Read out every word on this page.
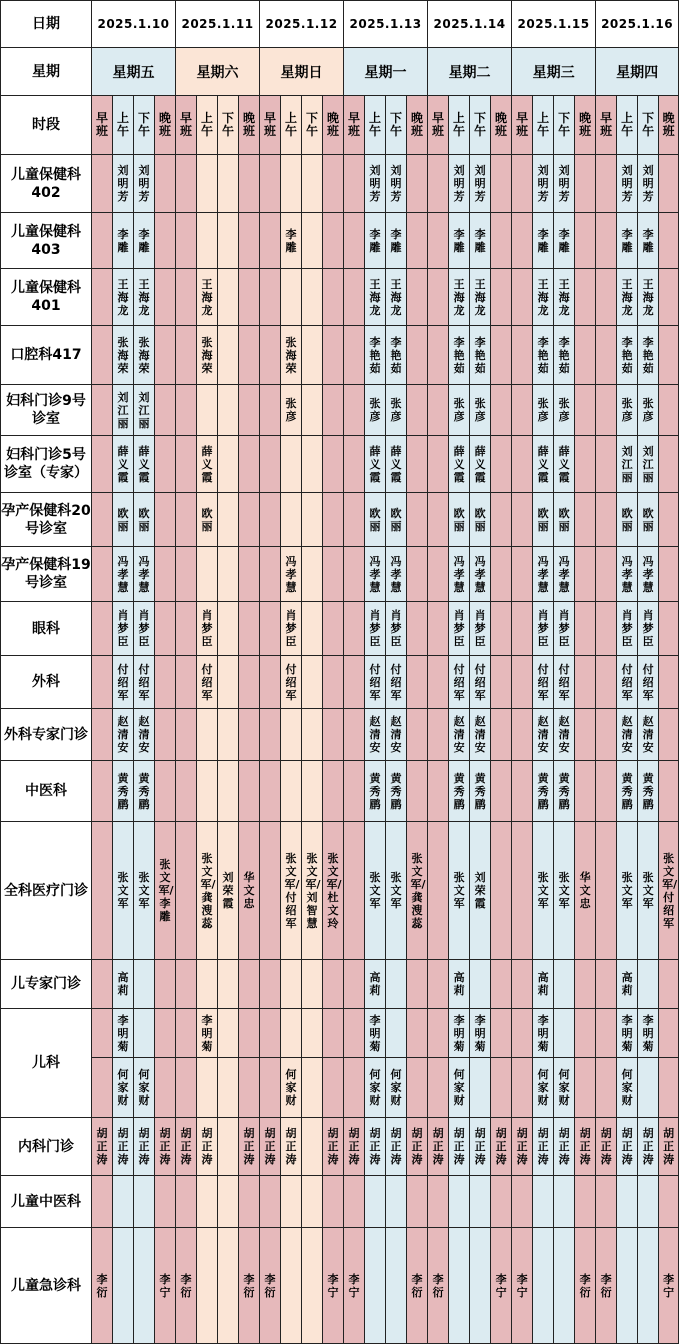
日期	2025.1.10				2025.1.11				2025.1.12				2025.1.13				2025.1.14				2025.1.15				2025.1.16			
星期	星期五				星期六				星期日				星期一				星期二				星期三				星期四			
时段	早班	上午	下午	晚班	早班	上午	下午	晚班	早班	上午	下午	晚班	早班	上午	下午	晚班	早班	上午	下午	晚班	早班	上午	下午	晚班	早班	上午	下午	晚班
儿童保健科402		刘明芳	刘明芳											刘明芳	刘明芳			刘明芳	刘明芳			刘明芳	刘明芳			刘明芳	刘明芳	
儿童保健科403		李雕	李雕							李雕				李雕	李雕			李雕	李雕			李雕	李雕			李雕	李雕	
儿童保健科401		王海龙	王海龙			王海龙								王海龙	王海龙			王海龙	王海龙			王海龙	王海龙			王海龙	王海龙	
口腔科417		张海荣	张海荣			张海荣				张海荣				李艳茹	李艳茹			李艳茹	李艳茹			李艳茹	李艳茹			李艳茹	李艳茹	
妇科门诊9号诊室		刘江丽	刘江丽							张彦				张彦	张彦			张彦	张彦			张彦	张彦			张彦	张彦	
妇科门诊5号诊室（专家）		薛义霞	薛义霞			薛义霞								薛义霞	薛义霞			薛义霞	薛义霞			薛义霞	薛义霞			刘江丽	刘江丽	
孕产保健科20号诊室		欧丽	欧丽			欧丽								欧丽	欧丽			欧丽	欧丽			欧丽	欧丽			欧丽	欧丽	
孕产保健科19号诊室		冯孝慧	冯孝慧							冯孝慧				冯孝慧	冯孝慧			冯孝慧	冯孝慧			冯孝慧	冯孝慧			冯孝慧	冯孝慧	
眼科		肖梦臣	肖梦臣			肖梦臣				肖梦臣				肖梦臣	肖梦臣			肖梦臣	肖梦臣			肖梦臣	肖梦臣			肖梦臣	肖梦臣	
外科		付绍军	付绍军			付绍军				付绍军				付绍军	付绍军			付绍军	付绍军			付绍军	付绍军			付绍军	付绍军	
外科专家门诊		赵清安	赵清安											赵清安	赵清安			赵清安	赵清安			赵清安	赵清安			赵清安	赵清安	
中医科		黄秀鹛	黄秀鹛											黄秀鹛	黄秀鹛			黄秀鹛	黄秀鹛			黄秀鹛	黄秀鹛			黄秀鹛	黄秀鹛	
全科医疗门诊		张文军	张文军	张文军/李雕		张文军/龚溲蕊	刘荣霞	华文忠		张文军/付绍军	张文军/刘智慧	张文军/杜文玲		张文军	张文军	张文军/龚溲蕊		张文军	刘荣霞			张文军	张文军	华文忠		张文军	张文军	张文军/付绍军
儿专家门诊		高莉												高莉				高莉				高莉				高莉		
儿科		李明菊				李明菊								李明菊				李明菊	李明菊			李明菊				李明菊	李明菊	
		何家财	何家财							何家财				何家财	何家财			何家财				何家财	何家财			何家财		
内科门诊	胡正涛	胡正涛	胡正涛	胡正涛	胡正涛	胡正涛		胡正涛	胡正涛	胡正涛		胡正涛	胡正涛	胡正涛	胡正涛	胡正涛	胡正涛	胡正涛	胡正涛	胡正涛	胡正涛	胡正涛	胡正涛	胡正涛	胡正涛	胡正涛	胡正涛	胡正涛
儿童中医科																												
儿童急诊科	李衍			李宁	李衍			李衍	李衍			李宁	李宁			李衍	李衍			李宁	李宁			李衍	李衍			李宁
